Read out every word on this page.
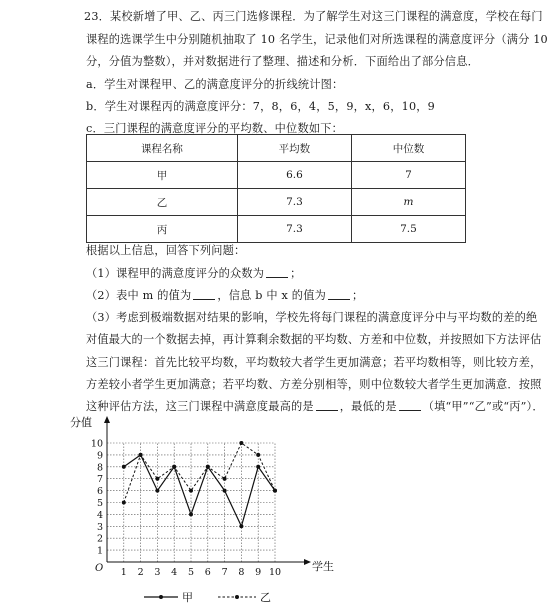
23．某校新增了甲、乙、丙三门选修课程．为了解学生对这三门课程的满意度，学校在每门
课程的选课学生中分别随机抽取了 10 名学生，记录他们对所选课程的满意度评分（满分 10
分，分值为整数），并对数据进行了整理、描述和分析．下面给出了部分信息．
a．学生对课程甲、乙的满意度评分的折线统计图：
b．学生对课程丙的满意度评分：7，8，6，4，5，9，x，6，10，9
c．三门课程的满意度评分的平均数、中位数如下：
课程名称	平均数	中位数
甲	6.6	7
乙	7.3	m
丙	7.3	7.5
根据以上信息，回答下列问题：
（1）课程甲的满意度评分的众数为 ；
（2）表中 m 的值为 ，信息 b 中 x 的值为 ；
（3）考虑到极端数据对结果的影响，学校先将每门课程的满意度评分中与平均数的差的绝
对值最大的一个数据去掉，再计算剩余数据的平均数、方差和中位数，并按照如下方法评估
这三门课程：首先比较平均数，平均数较大者学生更加满意；若平均数相等，则比较方差，
方差较小者学生更加满意；若平均数、方差分别相等，则中位数较大者学生更加满意．按照
这种评估方法，这三门课程中满意度最高的是 ，最低的是 （填“甲”“乙”或“丙”）．
分值
学生
O
1
2
3
4
5
6
7
8
9
10
1 2 3 4 5 6 7 8 9 10
甲	乙
